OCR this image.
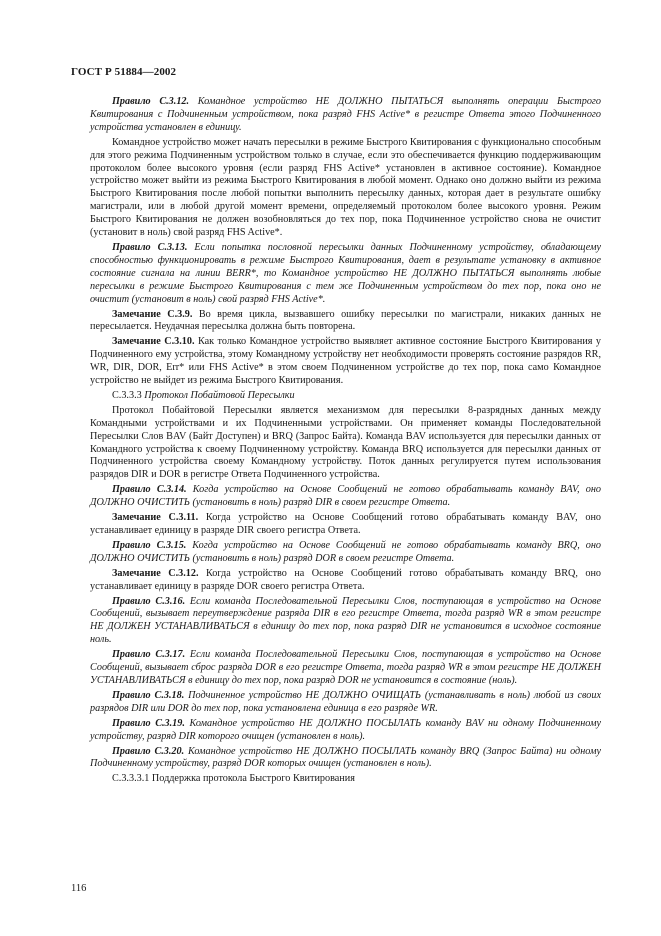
ГОСТ Р 51884—2002

Правило С.3.12. Командное устройство НЕ ДОЛЖНО ПЫТАТЬСЯ выполнять операции Быстрого Квитирования с Подчиненным устройством, пока разряд FHS Active* в регистре Ответа этого Подчиненного устройства установлен в единицу.

Командное устройство может начать пересылки в режиме Быстрого Квитирования с функционально способным для этого режима Подчиненным устройством только в случае, если это обеспечивается функцию поддерживающим протоколом более высокого уровня (если разряд FHS Active* установлен в активное состояние). Командное устройство может выйти из режима Быстрого Квитирования в любой момент. Однако оно должно выйти из режима Быстрого Квитирования после любой попытки выполнить пересылку данных, которая дает в результате ошибку магистрали, или в любой другой момент времени, определяемый протоколом более высокого уровня. Режим Быстрого Квитирования не должен возобновляться до тех пор, пока Подчиненное устройство снова не очистит (установит в ноль) свой разряд FHS Active*.

Правило С.3.13. Если попытка пословной пересылки данных Подчиненному устройству, обладающему способностью функционировать в режиме Быстрого Квитирования, дает в результате установку в активное состояние сигнала на линии BERR*, то Командное устройство НЕ ДОЛЖНО ПЫТАТЬСЯ выполнять любые пересылки в режиме Быстрого Квитирования с тем же Подчиненным устройством до тех пор, пока оно не очистит (установит в ноль) свой разряд FHS Active*.

Замечание С.3.9. Во время цикла, вызвавшего ошибку пересылки по магистрали, никаких данных не пересылается. Неудачная пересылка должна быть повторена.

Замечание С.3.10. Как только Командное устройство выявляет активное состояние Быстрого Квитирования у Подчиненного ему устройства, этому Командному устройству нет необходимости проверять состояние разрядов RR, WR, DIR, DOR, Err* или FHS Active* в этом своем Подчиненном устройстве до тех пор, пока само Командное устройство не выйдет из режима Быстрого Квитирования.

С.3.3.3 Протокол Побайтовой Пересылки

Протокол Побайтовой Пересылки является механизмом для пересылки 8-разрядных данных между Командными устройствами и их Подчиненными устройствами. Он применяет команды Последовательной Пересылки Слов BAV (Байт Доступен) и BRQ (Запрос Байта). Команда BAV используется для пересылки данных от Командного устройства к своему Подчиненному устройству. Команда BRQ используется для пересылки данных от Подчиненного устройства своему Командному устройству. Поток данных регулируется путем использования разрядов DIR и DOR в регистре Ответа Подчиненного устройства.

Правило С.3.14. Когда устройство на Основе Сообщений не готово обрабатывать команду BAV, оно ДОЛЖНО ОЧИСТИТЬ (установить в ноль) разряд DIR в своем регистре Ответа.

Замечание С.3.11. Когда устройство на Основе Сообщений готово обрабатывать команду BAV, оно устанавливает единицу в разряде DIR своего регистра Ответа.

Правило С.3.15. Когда устройство на Основе Сообщений не готово обрабатывать команду BRQ, оно ДОЛЖНО ОЧИСТИТЬ (установить в ноль) разряд DOR в своем регистре Ответа.

Замечание С.3.12. Когда устройство на Основе Сообщений готово обрабатывать команду BRQ, оно устанавливает единицу в разряде DOR своего регистра Ответа.

Правило С.3.16. Если команда Последовательной Пересылки Слов, поступающая в устройство на Основе Сообщений, вызывает переутверждение разряда DIR в его регистре Ответа, тогда разряд WR в этом регистре НЕ ДОЛЖЕН УСТАНАВЛИВАТЬСЯ в единицу до тех пор, пока разряд DIR не установится в исходное состояние ноль.

Правило С.3.17. Если команда Последовательной Пересылки Слов, поступающая в устройство на Основе Сообщений, вызывает сброс разряда DOR в его регистре Ответа, тогда разряд WR в этом регистре НЕ ДОЛЖЕН УСТАНАВЛИВАТЬСЯ в единицу до тех пор, пока разряд DOR не установится в состояние (ноль).

Правило С.3.18. Подчиненное устройство НЕ ДОЛЖНО ОЧИЩАТЬ (устанавливать в ноль) любой из своих разрядов DIR или DOR до тех пор, пока установлена единица в его разряде WR.

Правило С.3.19. Командное устройство НЕ ДОЛЖНО ПОСЫЛАТЬ команду BAV ни одному Подчиненному устройству, разряд DIR которого очищен (установлен в ноль).

Правило С.3.20. Командное устройство НЕ ДОЛЖНО ПОСЫЛАТЬ команду BRQ (Запрос Байта) ни одному Подчиненному устройству, разряд DOR которых очищен (установлен в ноль).

С.3.3.3.1 Поддержка протокола Быстрого Квитирования

116
